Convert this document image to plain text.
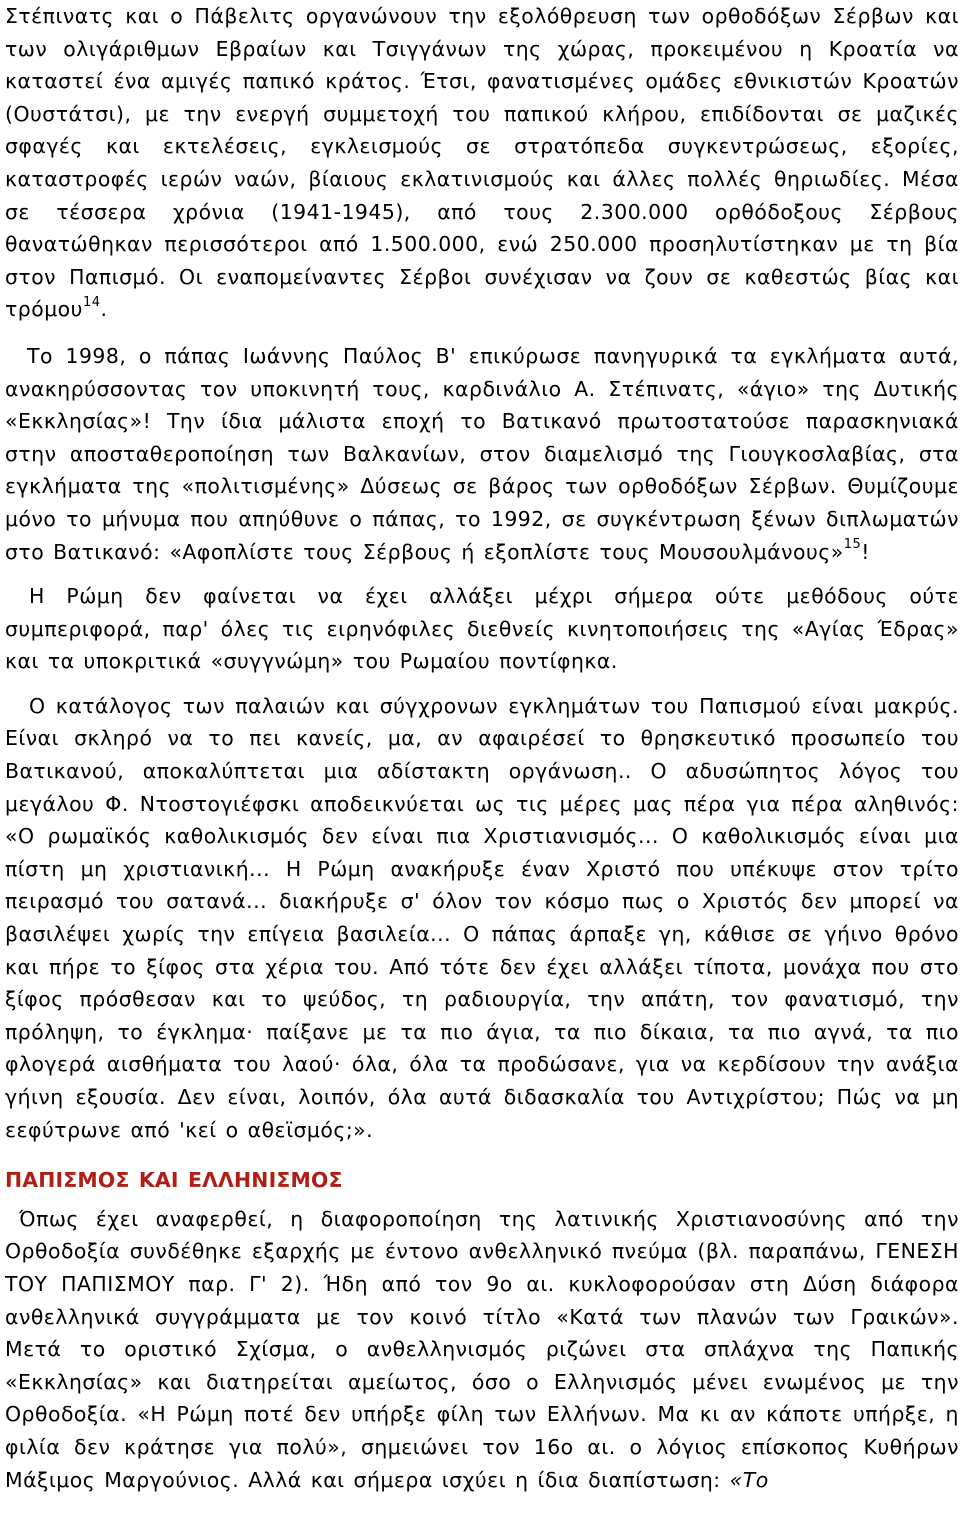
Στέπινατς και ο Πάβελιτς οργανώνουν την εξολόθρευση των ορθοδόξων Σέρβων και των ολιγάριθμων Εβραίων και Τσιγγάνων της χώρας, προκειμένου η Κροατία να καταστεί ένα αμιγές παπικό κράτος. Έτσι, φανατισμένες ομάδες εθνικιστών Κροατών (Ουστάτσι), με την ενεργή συμμετοχή του παπικού κλήρου, επιδίδονται σε μαζικές σφαγές και εκτελέσεις, εγκλεισμούς σε στρατόπεδα συγκεντρώσεως, εξορίες, καταστροφές ιερών ναών, βίαιους εκλατινισμούς και άλλες πολλές θηριωδίες. Μέσα σε τέσσερα χρόνια (1941-1945), από τους 2.300.000 ορθόδοξους Σέρβους θανατώθηκαν περισσότεροι από 1.500.000, ενώ 250.000 προσηλυτίστηκαν με τη βία στον Παπισμό. Οι εναπομείναντες Σέρβοι συνέχισαν να ζουν σε καθεστώς βίας και τρόμου$^{14}$.

Το 1998, ο πάπας Ιωάννης Παύλος Β' επικύρωσε πανηγυρικά τα εγκλήματα αυτά, ανακηρύσσοντας τον υποκινητή τους, καρδινάλιο Α. Στέπινατς, «άγιο» της Δυτικής «Εκκλησίας»! Την ίδια μάλιστα εποχή το Βατικανό πρωτοστατούσε παρασκηνιακά στην αποσταθεροποίηση των Βαλκανίων, στον διαμελισμό της Γιουγκοσλαβίας, στα εγκλήματα της «πολιτισμένης» Δύσεως σε βάρος των ορθοδόξων Σέρβων. Θυμίζουμε μόνο το μήνυμα που απηύθυνε ο πάπας, το 1992, σε συγκέντρωση ξένων διπλωματών στο Βατικανό: «Αφοπλίστε τους Σέρβους ή εξοπλίστε τους Μουσουλμάνους»$^{15}$!

Η Ρώμη δεν φαίνεται να έχει αλλάξει μέχρι σήμερα ούτε μεθόδους ούτε συμπεριφορά, παρ' όλες τις ειρηνόφιλες διεθνείς κινητοποιήσεις της «Αγίας Έδρας» και τα υποκριτικά «συγγνώμη» του Ρωμαίου ποντίφηκα.

Ο κατάλογος των παλαιών και σύγχρονων εγκλημάτων του Παπισμού είναι μακρύς. Είναι σκληρό να το πει κανείς, μα, αν αφαιρέσεί το θρησκευτικό προσωπείο του Βατικανού, αποκαλύπτεται μια αδίστακτη οργάνωση.. Ο αδυσώπητος λόγος του μεγάλου Φ. Ντοστογιέφσκι αποδεικνύεται ως τις μέρες μας πέρα για πέρα αληθινός: «Ο ρωμαϊκός καθολικισμός δεν είναι πια Χριστιανισμός... Ο καθολικισμός είναι μια πίστη μη χριστιανική... Η Ρώμη ανακήρυξε έναν Χριστό που υπέκυψε στον τρίτο πειρασμό του σατανά... διακήρυξε σ' όλον τον κόσμο πως ο Χριστός δεν μπορεί να βασιλέψει χωρίς την επίγεια βασιλεία... Ο πάπας άρπαξε γη, κάθισε σε γήινο θρόνο και πήρε το ξίφος στα χέρια του. Από τότε δεν έχει αλλάξει τίποτα, μονάχα που στο ξίφος πρόσθεσαν και το ψεύδος, τη ραδιουργία, την απάτη, τον φανατισμό, την πρόληψη, το έγκλημα· παίξανε με τα πιο άγια, τα πιο δίκαια, τα πιο αγνά, τα πιο φλογερά αισθήματα του λαού· όλα, όλα τα προδώσανε, για να κερδίσουν την ανάξια γήινη εξουσία. Δεν είναι, λοιπόν, όλα αυτά διδασκαλία του Αντιχρίστου; Πώς να μη εεφύτρωνε από 'κεί ο αθεϊσμός;».

ΠΑΠΙΣΜΟΣ ΚΑΙ ΕΛΛΗΝΙΣΜΟΣ

Όπως έχει αναφερθεί, η διαφοροποίηση της λατινικής Χριστιανοσύνης από την Ορθοδοξία συνδέθηκε εξαρχής με έντονο ανθελληνικό πνεύμα (βλ. παραπάνω, ΓΕΝΕΣΗ ΤΟΥ ΠΑΠΙΣΜΟΥ παρ. Γ' 2). Ήδη από τον 9ο αι. κυκλοφορούσαν στη Δύση διάφορα ανθελληνικά συγγράμματα με τον κοινό τίτλο «Κατά των πλανών των Γραικών». Μετά το οριστικό Σχίσμα, ο ανθελληνισμός ριζώνει στα σπλάχνα της Παπικής «Εκκλησίας» και διατηρείται αμείωτος, όσο ο Ελληνισμός μένει ενωμένος με την Ορθοδοξία. «Η Ρώμη ποτέ δεν υπήρξε φίλη των Ελλήνων. Μα κι αν κάποτε υπήρξε, η φιλία δεν κράτησε για πολύ», σημειώνει τον 16ο αι. ο λόγιος επίσκοπος Κυθήρων Μάξιμος Μαργούνιος. Αλλά και σήμερα ισχύει η ίδια διαπίστωση: «Το
